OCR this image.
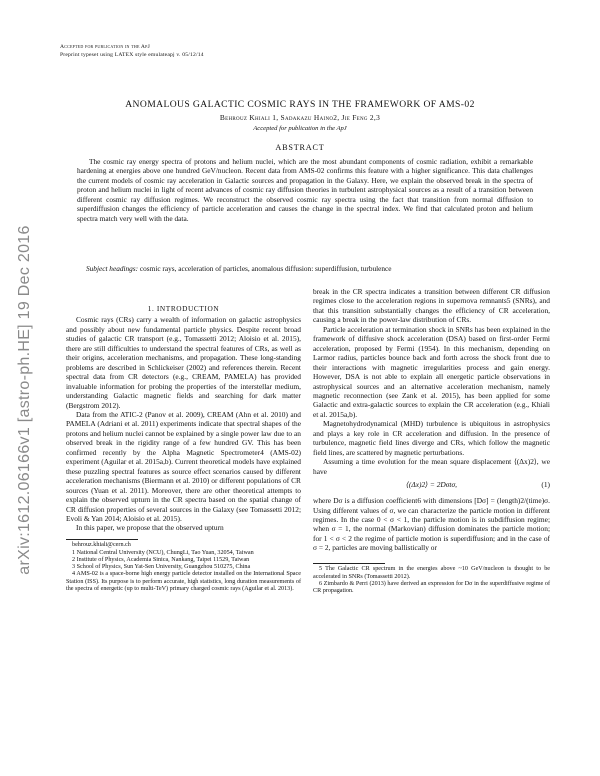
Accepted for publication in the ApJ
Preprint typeset using LATEX style emulateapj v. 05/12/14
arXiv:1612.06166v1 [astro-ph.HE] 19 Dec 2016
ANOMALOUS GALACTIC COSMIC RAYS IN THE FRAMEWORK OF AMS-02
Behrouz Khiali 1, Sadakazu Haino2, Jie Feng 2,3
Accepted for publication in the ApJ
ABSTRACT
The cosmic ray energy spectra of protons and helium nuclei, which are the most abundant components of cosmic radiation, exhibit a remarkable hardening at energies above one hundred GeV/nucleon. Recent data from AMS-02 confirms this feature with a higher significance. This data challenges the current models of cosmic ray acceleration in Galactic sources and propagation in the Galaxy. Here, we explain the observed break in the spectra of proton and helium nuclei in light of recent advances of cosmic ray diffusion theories in turbulent astrophysical sources as a result of a transition between different cosmic ray diffusion regimes. We reconstruct the observed cosmic ray spectra using the fact that transition from normal diffusion to superdiffusion changes the efficiency of particle acceleration and causes the change in the spectral index. We find that calculated proton and helium spectra match very well with the data.
Subject headings: cosmic rays, acceleration of particles, anomalous diffusion: superdiffusion, turbulence

1. INTRODUCTION

Cosmic rays (CRs) carry a wealth of information on galactic astrophysics and possibly about new fundamental particle physics. Despite recent broad studies of galactic CR transport (e.g., Tomassetti 2012; Aloisio et al. 2015), there are still difficulties to understand the spectral features of CRs, as well as their origins, acceleration mechanisms, and propagation. These long-standing problems are described in Schlickeiser (2002) and references therein. Recent spectral data from CR detectors (e.g., CREAM, PAMELA) has provided invaluable information for probing the properties of the interstellar medium, understanding Galactic magnetic fields and searching for dark matter (Bergstrom 2012).

Data from the ATIC-2 (Panov et al. 2009), CREAM (Ahn et al. 2010) and PAMELA (Adriani et al. 2011) experiments indicate that spectral shapes of the protons and helium nuclei cannot be explained by a single power law due to an observed break in the rigidity range of a few hundred GV. This has been confirmed recently by the Alpha Magnetic Spectrometer4 (AMS-02) experiment (Aguilar et al. 2015a,b). Current theoretical models have explained these puzzling spectral features as source effect scenarios caused by different acceleration mechanisms (Biermann et al. 2010) or different populations of CR sources (Yuan et al. 2011). Moreover, there are other theoretical attempts to explain the observed upturn in the CR spectra based on the spatial change of CR diffusion properties of several sources in the Galaxy (see Tomassetti 2012; Evoli & Yan 2014; Aloisio et al. 2015).

In this paper, we propose that the observed upturn

behrouz.khiali@cern.ch

1 National Central University (NCU), ChungLi, Tao Yuan, 32054, Taiwan

2 Institute of Physics, Academia Sinica, Nankang, Taipei 11529, Taiwan

3 School of Physics, Sun Yat-Sen University, Guangzhou 510275, China

4 AMS-02 is a space-borne high energy particle detector installed on the International Space Station (ISS). Its purpose is to perform accurate, high statistics, long duration measurements of the spectra of energetic (up to multi-TeV) primary charged cosmic rays (Aguilar et al. 2013).

break in the CR spectra indicates a transition between different CR diffusion regimes close to the acceleration regions in supernova remnants5 (SNRs), and that this transition substantially changes the efficiency of CR acceleration, causing a break in the power-law distribution of CRs.

Particle acceleration at termination shock in SNRs has been explained in the framework of diffusive shock acceleration (DSA) based on first-order Fermi acceleration, proposed by Fermi (1954). In this mechanism, depending on Larmor radius, particles bounce back and forth across the shock front due to their interactions with magnetic irregularities process and gain energy. However, DSA is not able to explain all energetic particle observations in astrophysical sources and an alternative acceleration mechanism, namely magnetic reconnection (see Zank et al. 2015), has been applied for some Galactic and extra-galactic sources to explain the CR acceleration (e.g., Khiali et al. 2015a,b).

Magnetohydrodynamical (MHD) turbulence is ubiquitous in astrophysics and plays a key role in CR acceleration and diffusion. In the presence of turbulence, magnetic field lines diverge and CRs, which follow the magnetic field lines, are scattered by magnetic perturbations.

Assuming a time evolution for the mean square displacement ⟨(Δx)2⟩, we have

⟨(Δx)2⟩ = 2Dσtσ,	(1)

where Dσ is a diffusion coefficient6 with dimensions [Dσ] = (length)2/(time)σ. Using different values of σ, we can characterize the particle motion in different regimes. In the case 0 < σ < 1, the particle motion is in subdiffusion regime; when σ = 1, the normal (Markovian) diffusion dominates the particle motion; for 1 < σ < 2 the regime of particle motion is superdiffusion; and in the case of σ = 2, particles are moving ballistically or

5 The Galactic CR spectrum in the energies above ~10 GeV/nucleon is thought to be accelerated in SNRs (Tomassetti 2012).

6 Zimbardo & Perri (2013) have derived an expression for Dσ in the superdiffusive regime of CR propagation.
